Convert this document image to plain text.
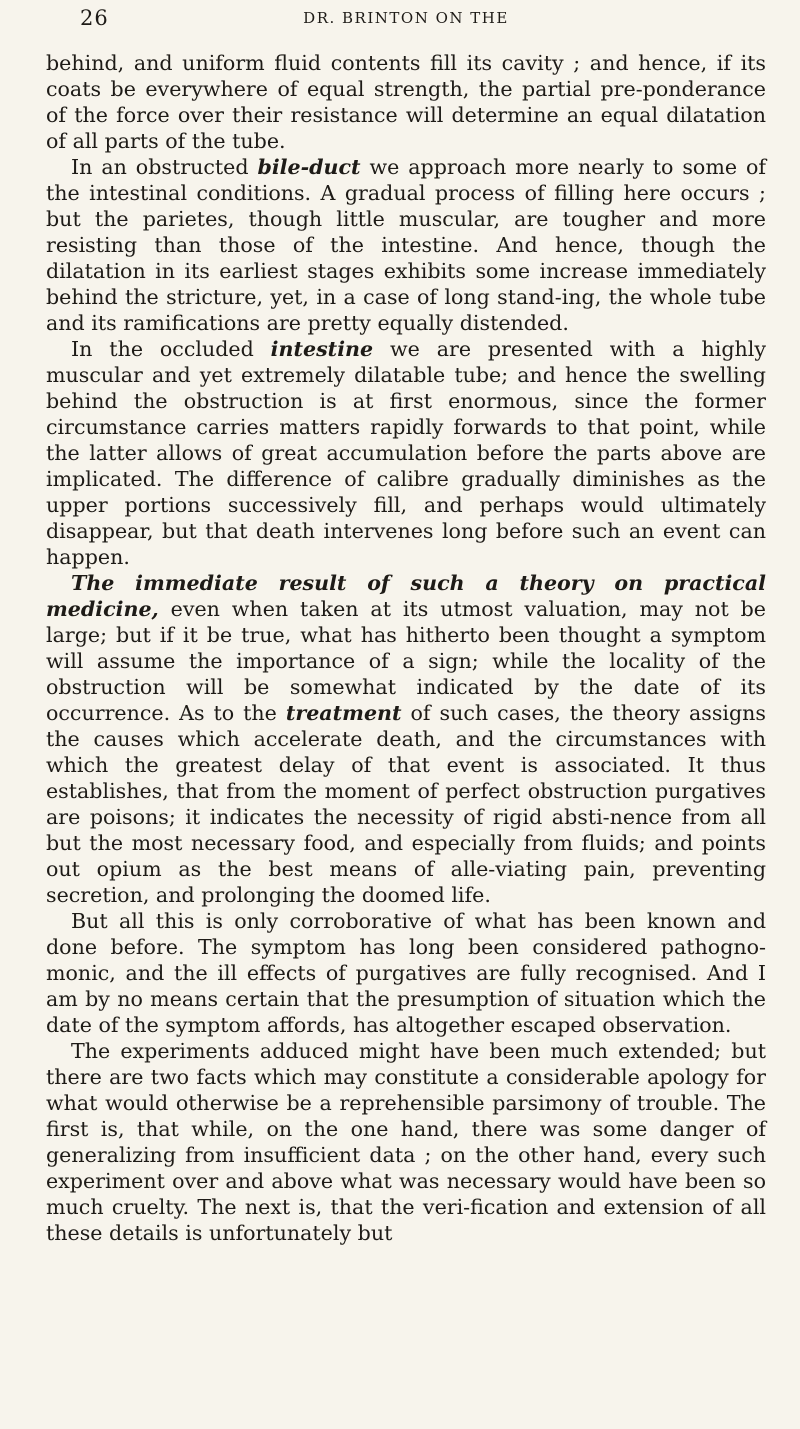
26	DR. BRINTON ON THE

behind, and uniform fluid contents fill its cavity ; and hence, if its coats be everywhere of equal strength, the partial pre-ponderance of the force over their resistance will determine an equal dilatation of all parts of the tube.

In an obstructed bile-duct we approach more nearly to some of the intestinal conditions. A gradual process of filling here occurs ; but the parietes, though little muscular, are tougher and more resisting than those of the intestine. And hence, though the dilatation in its earliest stages exhibits some increase immediately behind the stricture, yet, in a case of long stand-ing, the whole tube and its ramifications are pretty equally distended.

In the occluded intestine we are presented with a highly muscular and yet extremely dilatable tube; and hence the swelling behind the obstruction is at first enormous, since the former circumstance carries matters rapidly forwards to that point, while the latter allows of great accumulation before the parts above are implicated. The difference of calibre gradually diminishes as the upper portions successively fill, and perhaps would ultimately disappear, but that death intervenes long before such an event can happen.

The immediate result of such a theory on practical medicine, even when taken at its utmost valuation, may not be large; but if it be true, what has hitherto been thought a symptom will assume the importance of a sign; while the locality of the obstruction will be somewhat indicated by the date of its occurrence. As to the treatment of such cases, the theory assigns the causes which accelerate death, and the circumstances with which the greatest delay of that event is associated. It thus establishes, that from the moment of perfect obstruction purgatives are poisons; it indicates the necessity of rigid absti-nence from all but the most necessary food, and especially from fluids; and points out opium as the best means of alle-viating pain, preventing secretion, and prolonging the doomed life.

But all this is only corroborative of what has been known and done before. The symptom has long been considered pathogno-monic, and the ill effects of purgatives are fully recognised. And I am by no means certain that the presumption of situation which the date of the symptom affords, has altogether escaped observation.

The experiments adduced might have been much extended; but there are two facts which may constitute a considerable apology for what would otherwise be a reprehensible parsimony of trouble. The first is, that while, on the one hand, there was some danger of generalizing from insufficient data ; on the other hand, every such experiment over and above what was necessary would have been so much cruelty. The next is, that the veri-fication and extension of all these details is unfortunately but
